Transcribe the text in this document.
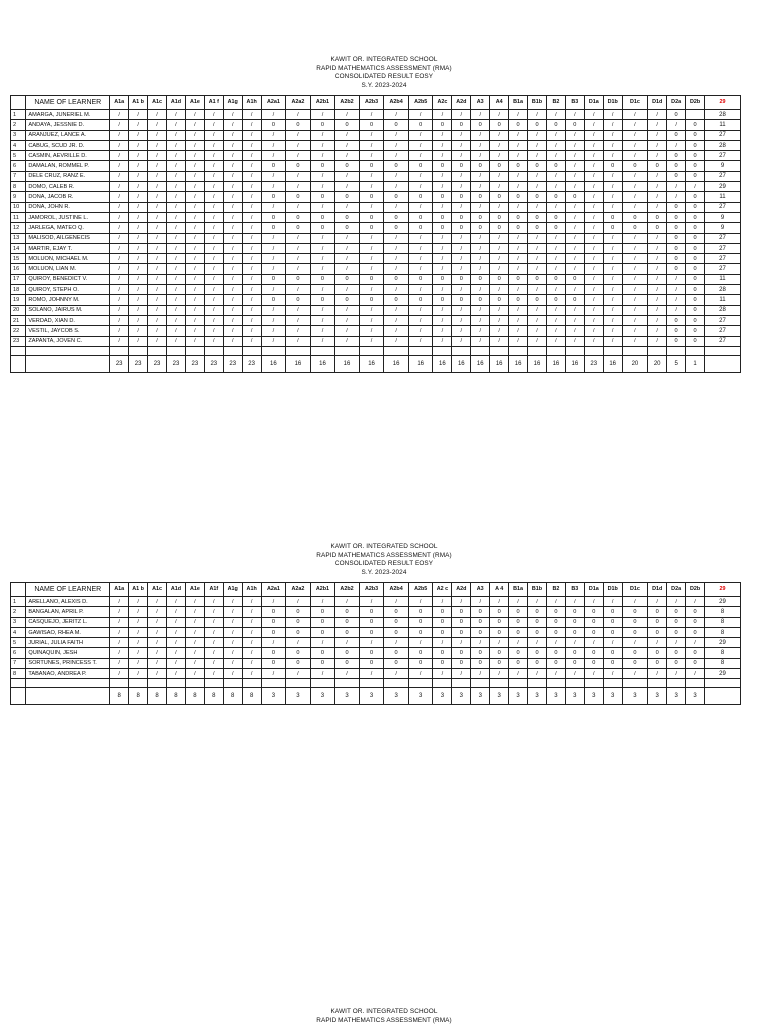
KAWIT OR. INTEGRATED SCHOOL
RAPID MATHEMATICS ASSESSMENT (RMA)
CONSOLIDATED RESULT EOSY
S.Y. 2023-2024
	NAME OF LEARNER	A1a	A1 b	A1c	A1d	A1e	A1 f	A1g	A1h	A2a1	A2a2	A2b1	A2b2	A2b3	A2b4	A2b5	A2c	A2d	A3	A4	B1a	B1b	B2	B3	D1a	D1b	D1c	D1d	D2a	D2b	29
1	AMARGA, JUNERIEL M.	/	/	/	/	/	/	/	/	/	/	/	/	/	/	/	/	/	/	/	/	/	/	/	/	/	/	/	0		28
2	ANDAYA, JESSNIE D.	/	/	/	/	/	/	/	/	0	0	0	0	0	0	0	0	0	0	0	0	0	0	0	/	/	/	/	/	0	11
3	ARANJUEZ, LANCE A.	/	/	/	/	/	/	/	/	/	/	/	/	/	/	/	/	/	/	/	/	/	/	/	/	/	/	/	0	0	27
4	CABUG, SCUD JR. D.	/	/	/	/	/	/	/	/	/	/	/	/	/	/	/	/	/	/	/	/	/	/	/	/	/	/	/	/	0	28
5	CASMIN, AEVRILLE D.	/	/	/	/	/	/	/	/	/	/	/	/	/	/	/	/	/	/	/	/	/	/	/	/	/	/	/	0	0	27
6	DAMALAN, ROMMEL P.	/	/	/	/	/	/	/	/	0	0	0	0	0	0	0	0	0	0	0	0	0	0	/	/	0	0	0	0	0	9
7	DELE CRUZ, RANZ E.	/	/	/	/	/	/	/	/	/	/	/	/	/	/	/	/	/	/	/	/	/	/	/	/	/	/	/	0	0	27
8	DOMO, CALEB R.	/	/	/	/	/	/	/	/	/	/	/	/	/	/	/	/	/	/	/	/	/	/	/	/	/	/	/	/	/	29
9	DONA, JACOB R.	/	/	/	/	/	/	/	/	0	0	0	0	0	0	0	0	0	0	0	0	0	0	0	/	/	/	/	/	0	11
10	DONA, JOHN R.	/	/	/	/	/	/	/	/	/	/	/	/	/	/	/	/	/	/	/	/	/	/	/	/	/	/	/	0	0	27
11	JAMOROL, JUSTINE L.	/	/	/	/	/	/	/	/	0	0	0	0	0	0	0	0	0	0	0	0	0	0	/	/	0	0	0	0	0	9
12	JARLEGA, MATEO Q.	/	/	/	/	/	/	/	/	0	0	0	0	0	0	0	0	0	0	0	0	0	0	/	/	0	0	0	0	0	9
13	MALISOD, AILGENECIS	/	/	/	/	/	/	/	/	/	/	/	/	/	/	/	/	/	/	/	/	/	/	/	/	/	/	/	0	0	27
14	MARTIR, EJAY T.	/	/	/	/	/	/	/	/	/	/	/	/	/	/	/	/	/	/	/	/	/	/	/	/	/	/	/	0	0	27
15	MOLUON, MICHAEL M.	/	/	/	/	/	/	/	/	/	/	/	/	/	/	/	/	/	/	/	/	/	/	/	/	/	/	/	0	0	27
16	MOLUON, LIAN M.	/	/	/	/	/	/	/	/	/	/	/	/	/	/	/	/	/	/	/	/	/	/	/	/	/	/	/	0	0	27
17	QUIROY, BENEDICT V.	/	/	/	/	/	/	/	/	0	0	0	0	0	0	0	0	0	0	0	0	0	0	0	/	/	/	/	/	0	11
18	QUIROY, STEPH O.	/	/	/	/	/	/	/	/	/	/	/	/	/	/	/	/	/	/	/	/	/	/	/	/	/	/	/	/	0	28
19	ROMO, JOHNNY M.	/	/	/	/	/	/	/	/	0	0	0	0	0	0	0	0	0	0	0	0	0	0	0	/	/	/	/	/	0	11
20	SOLANO, JAIRUS M.	/	/	/	/	/	/	/	/	/	/	/	/	/	/	/	/	/	/	/	/	/	/	/	/	/	/	/	/	0	28
21	VERDAD, XIAN D.	/	/	/	/	/	/	/	/	/	/	/	/	/	/	/	/	/	/	/	/	/	/	/	/	/	/	/	0	0	27
22	VESTIL, JAYCOB S.	/	/	/	/	/	/	/	/	/	/	/	/	/	/	/	/	/	/	/	/	/	/	/	/	/	/	/	0	0	27
23	ZAPANTA, JOVEN C.	/	/	/	/	/	/	/	/	/	/	/	/	/	/	/	/	/	/	/	/	/	/	/	/	/	/	/	0	0	27

		23	23	23	23	23	23	23	23	16	16	16	16	16	16	16	16	16	16	16	16	16	16	16	23	16	20	20	5	1	
KAWIT OR. INTEGRATED SCHOOL
RAPID MATHEMATICS ASSESSMENT (RMA)
CONSOLIDATED RESULT EOSY
S.Y. 2023-2024
	NAME OF LEARNER	A1a	A1 b	A1c	A1d	A1e	A1f	A1g	A1h	A2a1	A2a2	A2b1	A2b2	A2b3	A2b4	A2b5	A2 c	A2d	A3	A 4	B1a	B1b	B2	B3	D1a	D1b	D1c	D1d	D2a	D2b	29
1	ARELLANO, ALEXIS D.	/	/	/	/	/	/	/	/	/	/	/	/	/	/	/	/	/	/	/	/	/	/	/	/	/	/	/	/	/	29
2	BANGALAN, APRIL P.	/	/	/	/	/	/	/	/	0	0	0	0	0	0	0	0	0	0	0	0	0	0	0	0	0	0	0	0	0	8
3	CASQUEJO, JERITZ L.	/	/	/	/	/	/	/	/	0	0	0	0	0	0	0	0	0	0	0	0	0	0	0	0	0	0	0	0	0	8
4	GAWISAO, RHEA M.	/	/	/	/	/	/	/	/	0	0	0	0	0	0	0	0	0	0	0	0	0	0	0	0	0	0	0	0	0	8
5	JURIAL, JULIA FAITH	/	/	/	/	/	/	/	/	/	/	/	/	/	/	/	/	/	/	/	/	/	/	/	/	/	/	/	/	/	29
6	QUINAQUIN, JESH	/	/	/	/	/	/	/	/	0	0	0	0	0	0	0	0	0	0	0	0	0	0	0	0	0	0	0	0	0	8
7	SORTUNES, PRINCESS T.	/	/	/	/	/	/	/	/	0	0	0	0	0	0	0	0	0	0	0	0	0	0	0	0	0	0	0	0	0	8
8	TABANAO, ANDREA P.	/	/	/	/	/	/	/	/	/	/	/	/	/	/	/	/	/	/	/	/	/	/	/	/	/	/	/	/	/	29

		8	8	8	8	8	8	8	8	3	3	3	3	3	3	3	3	3	3	3	3	3	3	3	3	3	3	3	3	3	
KAWIT OR. INTEGRATED SCHOOL
RAPID MATHEMATICS ASSESSMENT (RMA)
